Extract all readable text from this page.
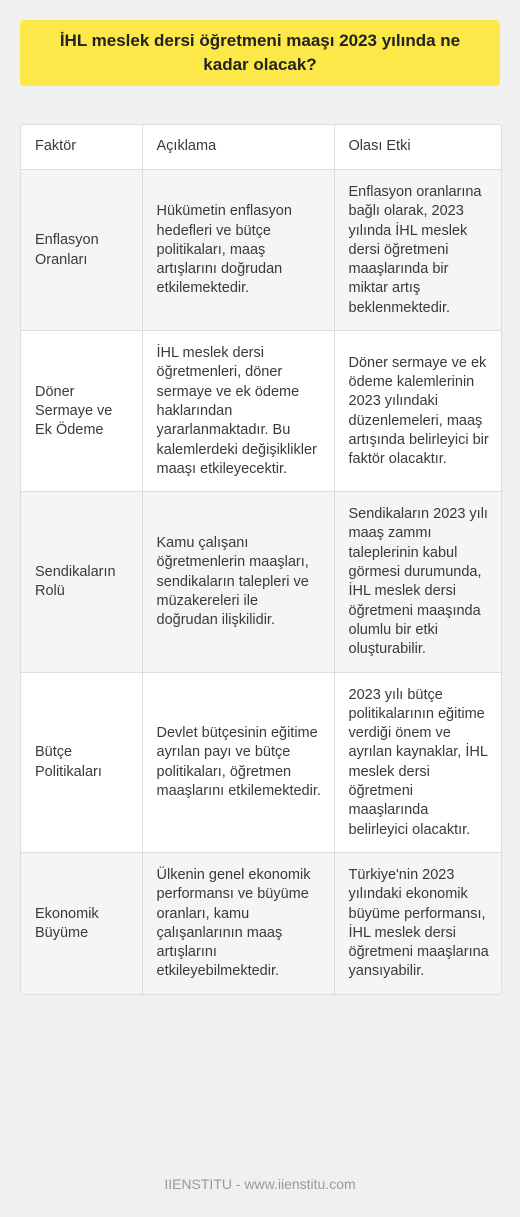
İHL meslek dersi öğretmeni maaşı 2023 yılında ne kadar olacak?
Faktör	Açıklama	Olası Etki
Enflasyon Oranları	Hükümetin enflasyon hedefleri ve bütçe politikaları, maaş artışlarını doğrudan etkilemektedir.	Enflasyon oranlarına bağlı olarak, 2023 yılında İHL meslek dersi öğretmeni maaşlarında bir miktar artış beklenmektedir.
Döner Sermaye ve Ek Ödeme	İHL meslek dersi öğretmenleri, döner sermaye ve ek ödeme haklarından yararlanmaktadır. Bu kalemlerdeki değişiklikler maaşı etkileyecektir.	Döner sermaye ve ek ödeme kalemlerinin 2023 yılındaki düzenlemeleri, maaş artışında belirleyici bir faktör olacaktır.
Sendikaların Rolü	Kamu çalışanı öğretmenlerin maaşları, sendikaların talepleri ve müzakereleri ile doğrudan ilişkilidir.	Sendikaların 2023 yılı maaş zammı taleplerinin kabul görmesi durumunda, İHL meslek dersi öğretmeni maaşında olumlu bir etki oluşturabilir.
Bütçe Politikaları	Devlet bütçesinin eğitime ayrılan payı ve bütçe politikaları, öğretmen maaşlarını etkilemektedir.	2023 yılı bütçe politikalarının eğitime verdiği önem ve ayrılan kaynaklar, İHL meslek dersi öğretmeni maaşlarında belirleyici olacaktır.
Ekonomik Büyüme	Ülkenin genel ekonomik performansı ve büyüme oranları, kamu çalışanlarının maaş artışlarını etkileyebilmektedir.	Türkiye'nin 2023 yılındaki ekonomik büyüme performansı, İHL meslek dersi öğretmeni maaşlarına yansıyabilir.
IIENSTITU - www.iienstitu.com
